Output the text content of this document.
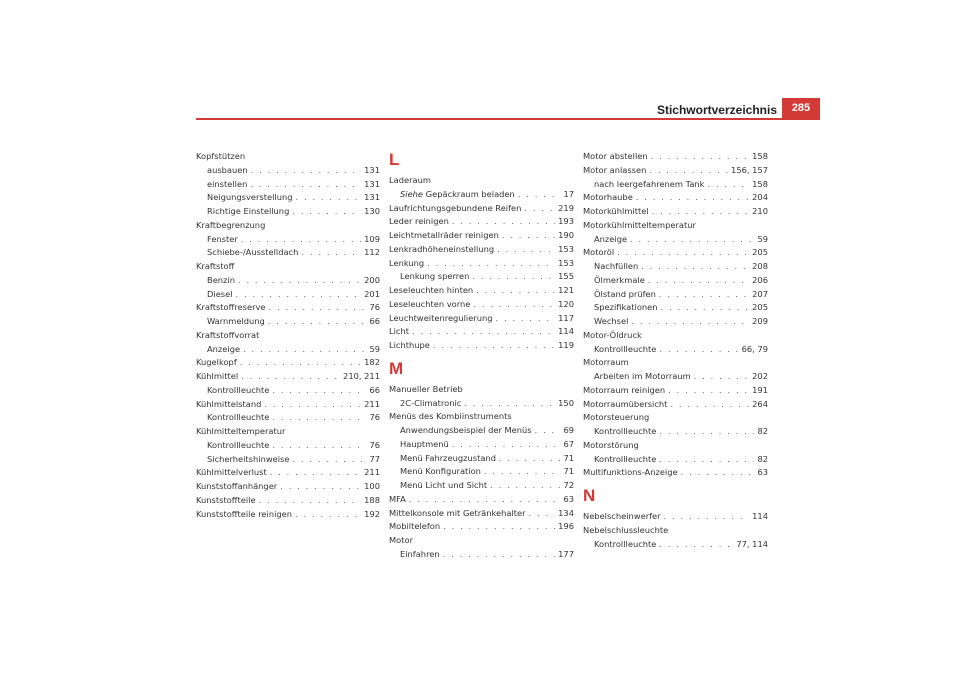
Stichwortverzeichnis	285
Kopfstützen
ausbauen . . .	131
einstellen . . .	131
Neigungsverstellung . . .	131
Richtige Einstellung . . .	130
Kraftbegrenzung
Fenster . . .	109
Schiebe-/Ausstelldach . . .	112
Kraftstoff
Benzin . . .	200
Diesel . . .	201
Kraftstoffreserve . . .	76
Warnmeldung . . .	66
Kraftstoffvorrat
Anzeige . . .	59
Kugelkopf . . .	182
Kühlmittel . . .	210, 211
Kontrollleuchte . . .	66
Kühlmittelstand . . .	211
Kontrollleuchte . . .	76
Kühlmitteltemperatur
Kontrollleuchte . . .	76
Sicherheitshinweise . . .	77
Kühlmittelverlust . . .	211
Kunststoffanhänger . . .	100
Kunststoffteile . . .	188
Kunststoffteile reinigen . . .	192
L
Laderaum
Siehe Gepäckraum beladen . . .	17
Laufrichtungsgebundene Reifen . . .	219
Leder reinigen . . .	193
Leichtmetallräder reinigen . . .	190
Lenkradhöheneinstellung . . .	153
Lenkung . . .	153
Lenkung sperren . . .	155
Leseleuchten hinten . . .	121
Leseleuchten vorne . . .	120
Leuchtweitenregulierung . . .	117
Licht . . .	114
Lichthupe . . .	119
M
Manueller Betrieb
2C-Climatronic . . .	150
Menüs des Kombiinstruments
Anwendungsbeispiel der Menüs . . .	69
Hauptmenü . . .	67
Menü Fahrzeugzustand . . .	71
Menü Konfiguration . . .	71
Menü Licht und Sicht . . .	72
MFA . . .	63
Mittelkonsole mit Getränkehalter . . .	134
Mobiltelefon . . .	196
Motor
Einfahren . . .	177
Motor abstellen . . .	158
Motor anlassen . . .	156, 157
nach leergefahrenem Tank . . .	158
Motorhaube . . .	204
Motorkühlmittel . . .	210
Motorkühlmitteltemperatur
Anzeige . . .	59
Motoröl . . .	205
Nachfüllen . . .	208
Ölmerkmale . . .	206
Ölstand prüfen . . .	207
Spezifikationen . . .	205
Wechsel . . .	209
Motor-Öldruck
Kontrollleuchte . . .	66, 79
Motorraum
Arbeiten im Motorraum . . .	202
Motorraum reinigen . . .	191
Motorraumübersicht . . .	264
Motorsteuerung
Kontrollleuchte . . .	82
Motorstörung
Kontrollleuchte . . .	82
Multifunktions-Anzeige . . .	63
N
Nebelscheinwerfer . . .	114
Nebelschlussleuchte
Kontrollleuchte . . .	77, 114
